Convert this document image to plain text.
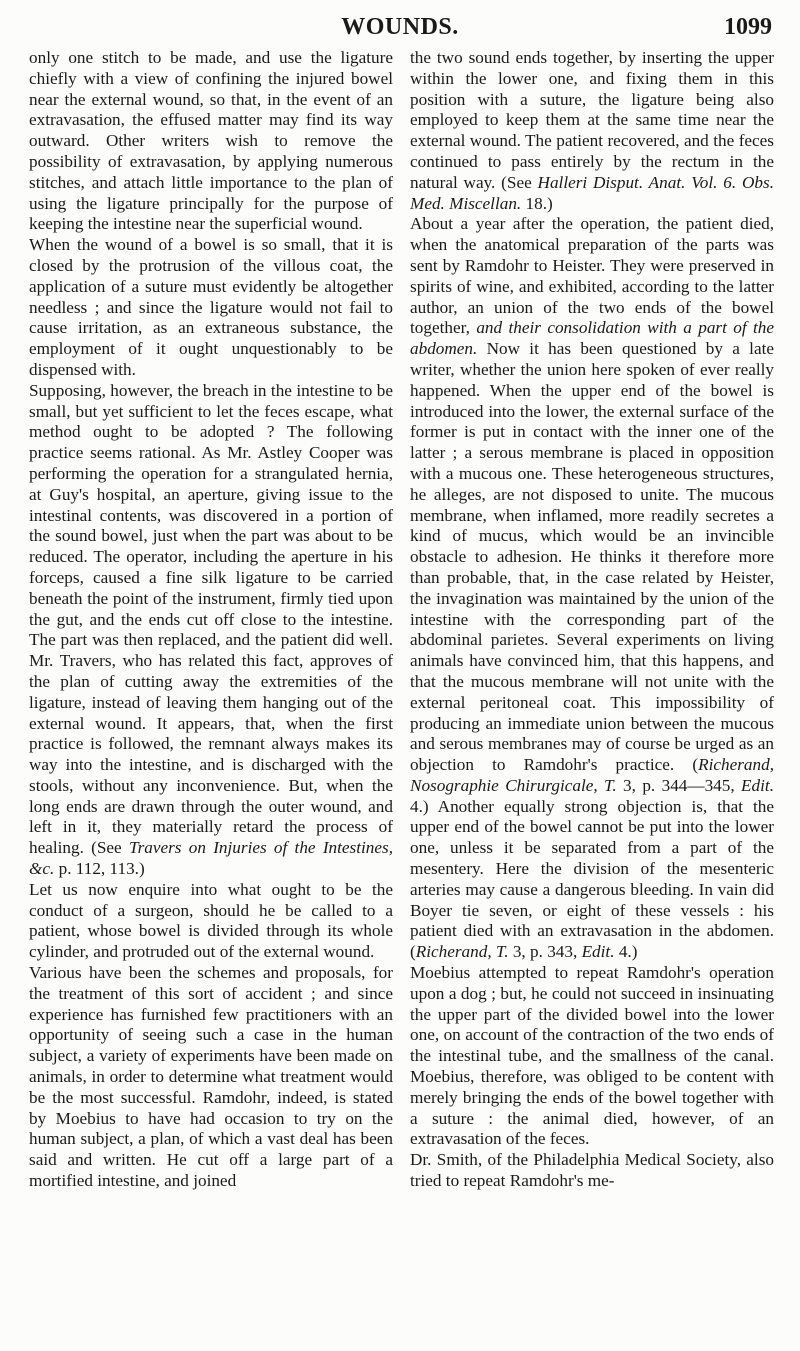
WOUNDS.	1099

only one stitch to be made, and use the ligature chiefly with a view of confining the injured bowel near the external wound, so that, in the event of an extravasation, the effused matter may find its way outward. Other writers wish to remove the possibility of extravasation, by applying numerous stitches, and attach little importance to the plan of using the ligature principally for the purpose of keeping the intestine near the superficial wound.

When the wound of a bowel is so small, that it is closed by the protrusion of the villous coat, the application of a suture must evidently be altogether needless ; and since the ligature would not fail to cause irritation, as an extraneous substance, the employment of it ought unquestionably to be dispensed with.

Supposing, however, the breach in the intestine to be small, but yet sufficient to let the feces escape, what method ought to be adopted ? The following practice seems rational. As Mr. Astley Cooper was performing the operation for a strangulated hernia, at Guy's hospital, an aperture, giving issue to the intestinal contents, was discovered in a portion of the sound bowel, just when the part was about to be reduced. The operator, including the aperture in his forceps, caused a fine silk ligature to be carried beneath the point of the instrument, firmly tied upon the gut, and the ends cut off close to the intestine. The part was then replaced, and the patient did well. Mr. Travers, who has related this fact, approves of the plan of cutting away the extremities of the ligature, instead of leaving them hanging out of the external wound. It appears, that, when the first practice is followed, the remnant always makes its way into the intestine, and is discharged with the stools, without any inconvenience. But, when the long ends are drawn through the outer wound, and left in it, they materially retard the process of healing. (See Travers on Injuries of the Intestines, &c. p. 112, 113.)

Let us now enquire into what ought to be the conduct of a surgeon, should he be called to a patient, whose bowel is divided through its whole cylinder, and protruded out of the external wound.

Various have been the schemes and proposals, for the treatment of this sort of accident ; and since experience has furnished few practitioners with an opportunity of seeing such a case in the human subject, a variety of experiments have been made on animals, in order to determine what treatment would be the most successful. Ramdohr, indeed, is stated by Moebius to have had occasion to try on the human subject, a plan, of which a vast deal has been said and written. He cut off a large part of a mortified intestine, and joined

the two sound ends together, by inserting the upper within the lower one, and fixing them in this position with a suture, the ligature being also employed to keep them at the same time near the external wound. The patient recovered, and the feces continued to pass entirely by the rectum in the natural way. (See Halleri Disput. Anat. Vol. 6. Obs. Med. Miscellan. 18.)

About a year after the operation, the patient died, when the anatomical preparation of the parts was sent by Ramdohr to Heister. They were preserved in spirits of wine, and exhibited, according to the latter author, an union of the two ends of the bowel together, and their consolidation with a part of the abdomen. Now it has been questioned by a late writer, whether the union here spoken of ever really happened. When the upper end of the bowel is introduced into the lower, the external surface of the former is put in contact with the inner one of the latter ; a serous membrane is placed in opposition with a mucous one. These heterogeneous structures, he alleges, are not disposed to unite. The mucous membrane, when inflamed, more readily secretes a kind of mucus, which would be an invincible obstacle to adhesion. He thinks it therefore more than probable, that, in the case related by Heister, the invagination was maintained by the union of the intestine with the corresponding part of the abdominal parietes. Several experiments on living animals have convinced him, that this happens, and that the mucous membrane will not unite with the external peritoneal coat. This impossibility of producing an immediate union between the mucous and serous membranes may of course be urged as an objection to Ramdohr's practice. (Richerand, Nosographie Chirurgicale, T. 3, p. 344—345, Edit. 4.) Another equally strong objection is, that the upper end of the bowel cannot be put into the lower one, unless it be separated from a part of the mesentery. Here the division of the mesenteric arteries may cause a dangerous bleeding. In vain did Boyer tie seven, or eight of these vessels : his patient died with an extravasation in the abdomen. (Richerand, T. 3, p. 343, Edit. 4.)

Moebius attempted to repeat Ramdohr's operation upon a dog ; but, he could not succeed in insinuating the upper part of the divided bowel into the lower one, on account of the contraction of the two ends of the intestinal tube, and the smallness of the canal. Moebius, therefore, was obliged to be content with merely bringing the ends of the bowel together with a suture : the animal died, however, of an extravasation of the feces.

Dr. Smith, of the Philadelphia Medical Society, also tried to repeat Ramdohr's me-
